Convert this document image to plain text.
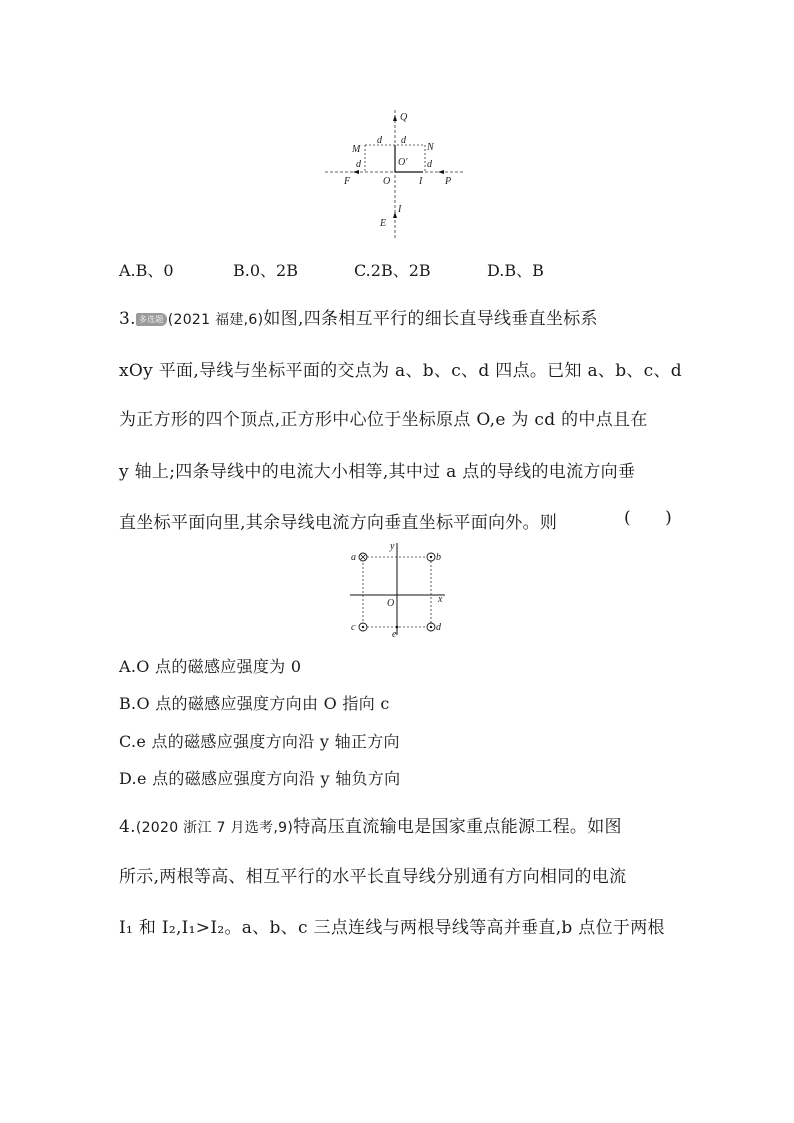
Q
M	N
d d
O′
d	d
F	O	I P
I
E
A.B、0	B.0、2B	C.2B、2B	D.B、B
3. 多选题 (2021 福建,6)如图,四条相互平行的细长直导线垂直坐标系
xOy 平面,导线与坐标平面的交点为 a、b、c、d 四点。已知 a、b、c、d
为正方形的四个顶点,正方形中心位于坐标原点 O,e 为 cd 的中点且在
y 轴上;四条导线中的电流大小相等,其中过 a 点的导线的电流方向垂
直坐标平面向里,其余导线电流方向垂直坐标平面向外。则	(      )
a	b
c	d
e
O	x
y
A.O 点的磁感应强度为 0
B.O 点的磁感应强度方向由 O 指向 c
C.e 点的磁感应强度方向沿 y 轴正方向
D.e 点的磁感应强度方向沿 y 轴负方向
4.(2020 浙江 7 月选考,9)特高压直流输电是国家重点能源工程。如图
所示,两根等高、相互平行的水平长直导线分别通有方向相同的电流
I₁ 和 I₂,I₁>I₂。a、b、c 三点连线与两根导线等高并垂直,b 点位于两根
